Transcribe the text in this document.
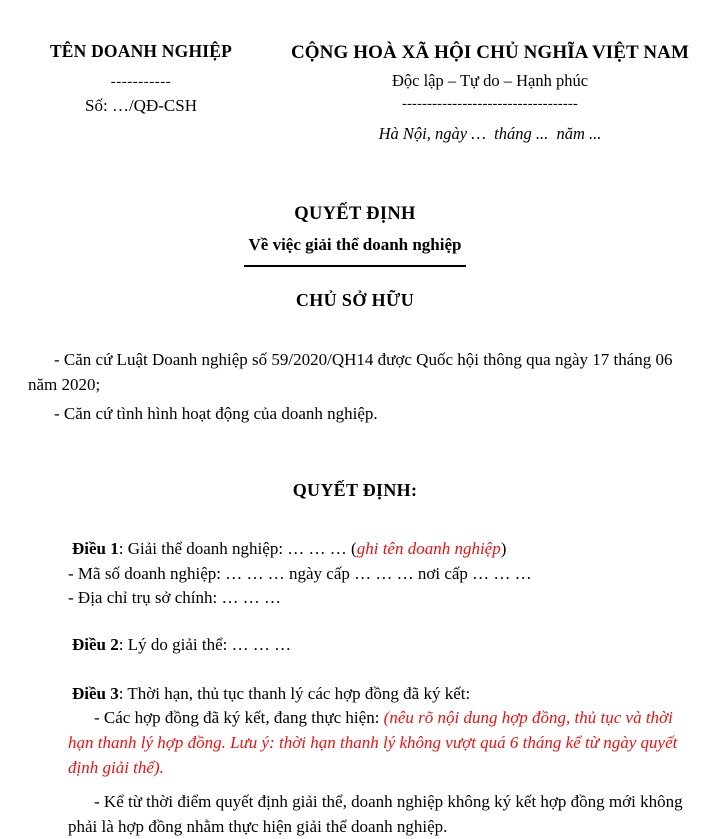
TÊN DOANH NGHIỆP
-----------
Số: …/QĐ-CSH
CỘNG HOÀ XÃ HỘI CHỦ NGHĨA VIỆT NAM
Độc lập – Tự do – Hạnh phúc
-----------------------------------
Hà Nội, ngày …  tháng ...  năm ...
QUYẾT ĐỊNH
Về việc giải thể doanh nghiệp
CHỦ SỞ HỮU
- Căn cứ Luật Doanh nghiệp số 59/2020/QH14 được Quốc hội thông qua ngày 17 tháng 06 năm 2020;
- Căn cứ tình hình hoạt động của doanh nghiệp.
QUYẾT ĐỊNH:
Điều 1: Giải thể doanh nghiệp: … … … (ghi tên doanh nghiệp)
- Mã số doanh nghiệp: … … … ngày cấp … … … nơi cấp … … …
- Địa chỉ trụ sở chính: … … …
Điều 2: Lý do giải thể: … … …
Điều 3: Thời hạn, thủ tục thanh lý các hợp đồng đã ký kết:
- Các hợp đồng đã ký kết, đang thực hiện: (nêu rõ nội dung hợp đồng, thủ tục và thời hạn thanh lý hợp đồng. Lưu ý: thời hạn thanh lý không vượt quá 6 tháng kể từ ngày quyết định giải thể).
- Kể từ thời điểm quyết định giải thể, doanh nghiệp không ký kết hợp đồng mới không phải là hợp đồng nhằm thực hiện giải thể doanh nghiệp.
